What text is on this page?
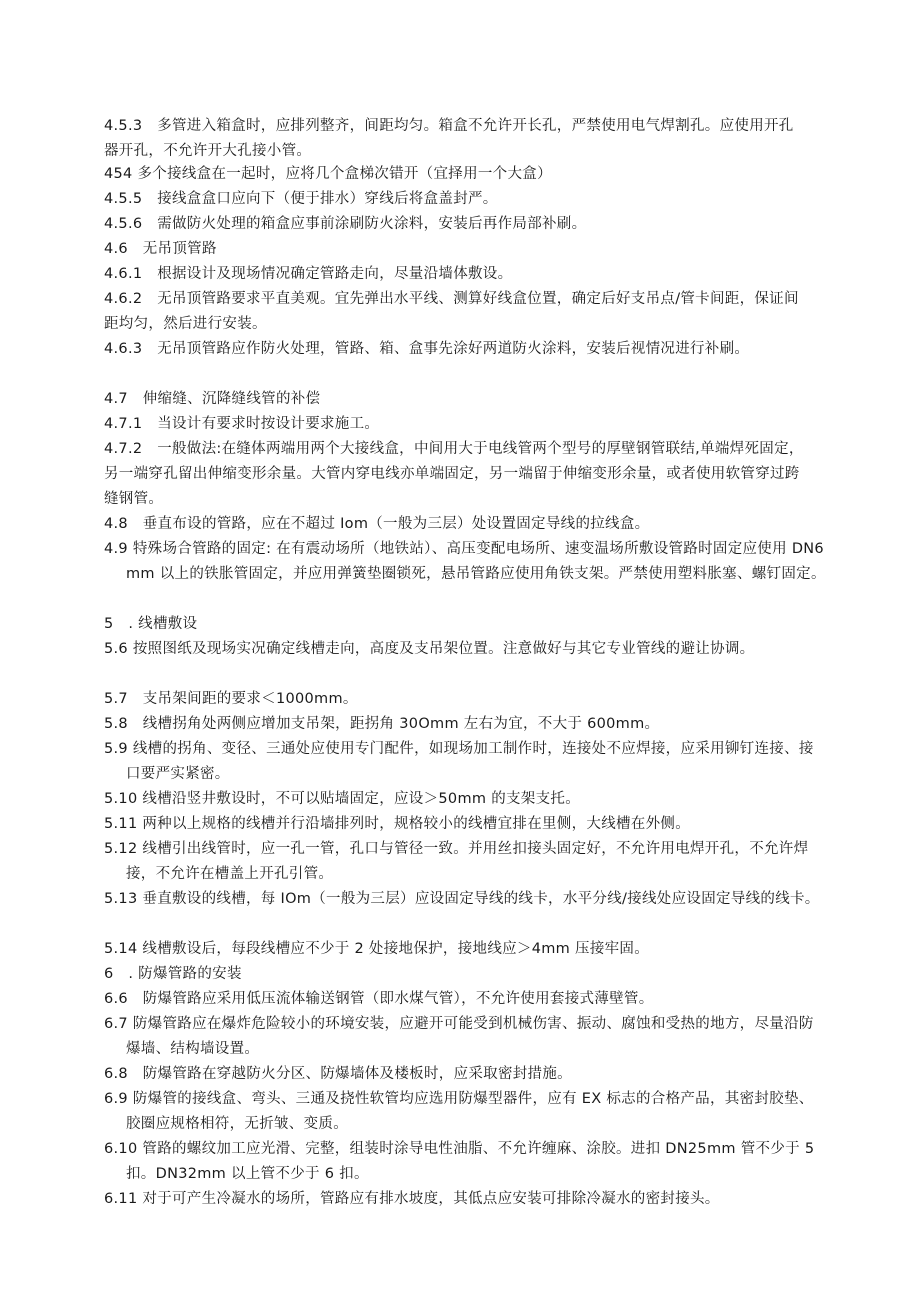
4.5.3　多管进入箱盒时，应排列整齐，间距均匀。箱盒不允许开长孔，严禁使用电气焊割孔。应使用开孔器开孔，不允许开大孔接小管。

454 多个接线盒在一起时，应将几个盒梯次错开（宜择用一个大盒）

4.5.5　接线盒盒口应向下（便于排水）穿线后将盒盖封严。

4.5.6　需做防火处理的箱盒应事前涂刷防火涂料，安装后再作局部补刷。

4.6　无吊顶管路

4.6.1　根据设计及现场情况确定管路走向，尽量沿墙体敷设。

4.6.2　无吊顶管路要求平直美观。宜先弹出水平线、测算好线盒位置，确定后好支吊点/管卡间距，保证间距均匀，然后进行安装。

4.6.3　无吊顶管路应作防火处理，管路、箱、盒事先涂好两道防火涂料，安装后视情况进行补刷。

4.7　伸缩缝、沉降缝线管的补偿

4.7.1　当设计有要求时按设计要求施工。

4.7.2　一般做法:在缝体两端用两个大接线盒，中间用大于电线管两个型号的厚壁钢管联结,单端焊死固定，另一端穿孔留出伸缩变形余量。大管内穿电线亦单端固定，另一端留于伸缩变形余量，或者使用软管穿过跨缝钢管。

4.8　垂直布设的管路，应在不超过 Iom（一般为三层）处设置固定导线的拉线盒。

4.9 特殊场合管路的固定: 在有震动场所（地铁站）、高压变配电场所、速变温场所敷设管路时固定应使用 DN6mm 以上的铁胀管固定，并应用弹簧垫圈锁死，悬吊管路应使用角铁支架。严禁使用塑料胀塞、螺钉固定。

5　. 线槽敷设

5.6 按照图纸及现场实况确定线槽走向，高度及支吊架位置。注意做好与其它专业管线的避让协调。

5.7　支吊架间距的要求＜1000mm。

5.8　线槽拐角处两侧应增加支吊架，距拐角 30Omm 左右为宜，不大于 600mm。

5.9 线槽的拐角、变径、三通处应使用专门配件，如现场加工制作时，连接处不应焊接，应采用铆钉连接、接口要严实紧密。

5.10 线槽沿竖井敷设时，不可以贴墙固定，应设＞50mm 的支架支托。

5.11 两种以上规格的线槽并行沿墙排列时，规格较小的线槽宜排在里侧，大线槽在外侧。

5.12 线槽引出线管时，应一孔一管，孔口与管径一致。并用丝扣接头固定好，不允许用电焊开孔，不允许焊接，不允许在槽盖上开孔引管。

5.13 垂直敷设的线槽，每 IOm（一般为三层）应设固定导线的线卡，水平分线/接线处应设固定导线的线卡。

5.14 线槽敷设后，每段线槽应不少于 2 处接地保护，接地线应＞4mm 压接牢固。

6　. 防爆管路的安装

6.6　防爆管路应采用低压流体输送钢管（即水煤气管），不允许使用套接式薄壁管。

6.7 防爆管路应在爆炸危险较小的环境安装，应避开可能受到机械伤害、振动、腐蚀和受热的地方，尽量沿防爆墙、结构墙设置。

6.8　防爆管路在穿越防火分区、防爆墙体及楼板时，应采取密封措施。

6.9 防爆管的接线盒、弯头、三通及挠性软管均应选用防爆型器件，应有 EX 标志的合格产品，其密封胶垫、胶圈应规格相符，无折皱、变质。

6.10 管路的螺纹加工应光滑、完整，组装时涂导电性油脂、不允许缠麻、涂胶。进扣 DN25mm 管不少于 5 扣。DN32mm 以上管不少于 6 扣。

6.11 对于可产生冷凝水的场所，管路应有排水坡度，其低点应安装可排除冷凝水的密封接头。
